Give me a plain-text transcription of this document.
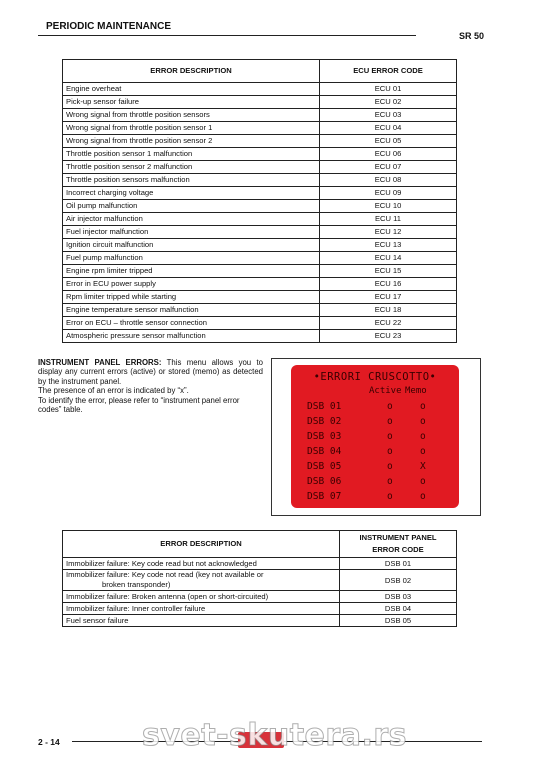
PERIODIC MAINTENANCE
SR 50
ERROR DESCRIPTION	ECU ERROR CODE
Engine overheat	ECU 01
Pick-up sensor failure	ECU 02
Wrong signal from throttle position sensors	ECU 03
Wrong signal from throttle position sensor 1	ECU 04
Wrong signal from throttle position sensor 2	ECU 05
Throttle position sensor 1 malfunction	ECU 06
Throttle position sensor 2 malfunction	ECU 07
Throttle position sensors malfunction	ECU 08
Incorrect charging voltage	ECU 09
Oil pump malfunction	ECU 10
Air injector malfunction	ECU 11
Fuel injector malfunction	ECU 12
Ignition circuit malfunction	ECU 13
Fuel pump malfunction	ECU 14
Engine rpm limiter tripped	ECU 15
Error in ECU power supply	ECU 16
Rpm limiter tripped while starting	ECU 17
Engine temperature sensor malfunction	ECU 18
Error on ECU – throttle sensor connection	ECU 22
Atmospheric pressure sensor malfunction	ECU 23

INSTRUMENT PANEL ERRORS: This menu allows you to display any current errors (active) or stored (memo) as detected by the instrument panel.

The presence of an error is indicated by “x”.

To identify the error, please refer to “instrument panel error codes” table.

•ERRORI CRUSCOTTO•
Active Memo
DSB 01	o	o
DSB 02	o	o
DSB 03	o	o
DSB 04	o	o
DSB 05	o	X
DSB 06	o	o
DSB 07	o	o
ERROR DESCRIPTION	INSTRUMENT PANEL
ERROR CODE
Immobilizer failure: Key code read but not acknowledged	DSB 01
Immobilizer failure: Key code not read (key not available or
broken transponder)	DSB 02
Immobilizer failure: Broken antenna (open or short-circuited)	DSB 03
Immobilizer failure: Inner controller failure	DSB 04
Fuel sensor failure	DSB 05
2 - 14	svet-skutera.rs
